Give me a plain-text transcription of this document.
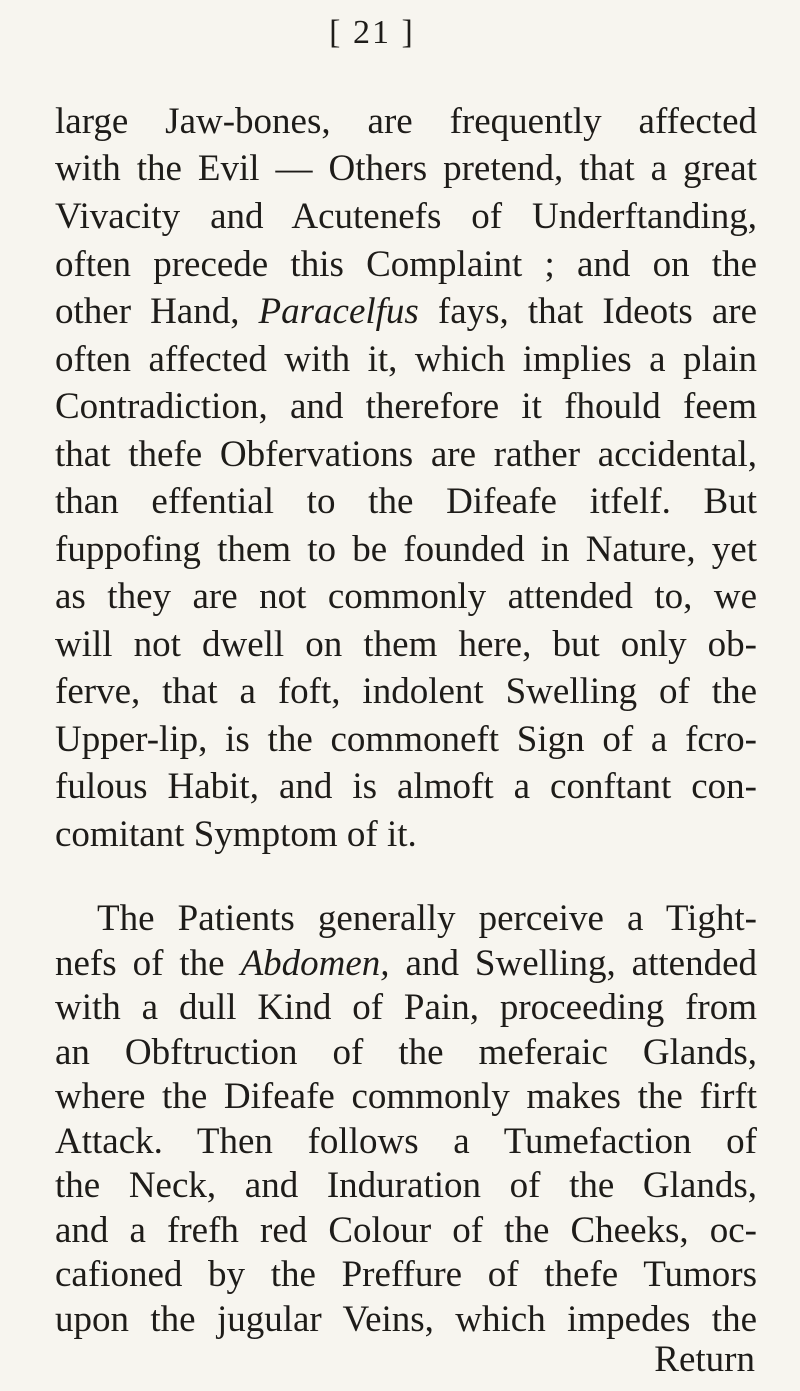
[ 21 ]
large Jaw-bones, are frequently affected
with the Evil — Others pretend, that a great
Vivacity and Acutenefs of Underftanding,
often precede this Complaint ; and on the
other Hand, Paracelfus fays, that Ideots are
often affected with it, which implies a plain
Contradiction, and therefore it fhould feem
that thefe Obfervations are rather accidental,
than effential to the Difeafe itfelf. But
fuppofing them to be founded in Nature, yet
as they are not commonly attended to, we
will not dwell on them here, but only ob-
ferve, that a foft, indolent Swelling of the
Upper-lip, is the commoneft Sign of a fcro-
fulous Habit, and is almoft a conftant con-
comitant Symptom of it.
The Patients generally perceive a Tight-
nefs of the Abdomen, and Swelling, attended
with a dull Kind of Pain, proceeding from
an Obftruction of the meferaic Glands,
where the Difeafe commonly makes the firft
Attack. Then follows a Tumefaction of
the Neck, and Induration of the Glands,
and a frefh red Colour of the Cheeks, oc-
cafioned by the Preffure of thefe Tumors
upon the jugular Veins, which impedes the
Return
